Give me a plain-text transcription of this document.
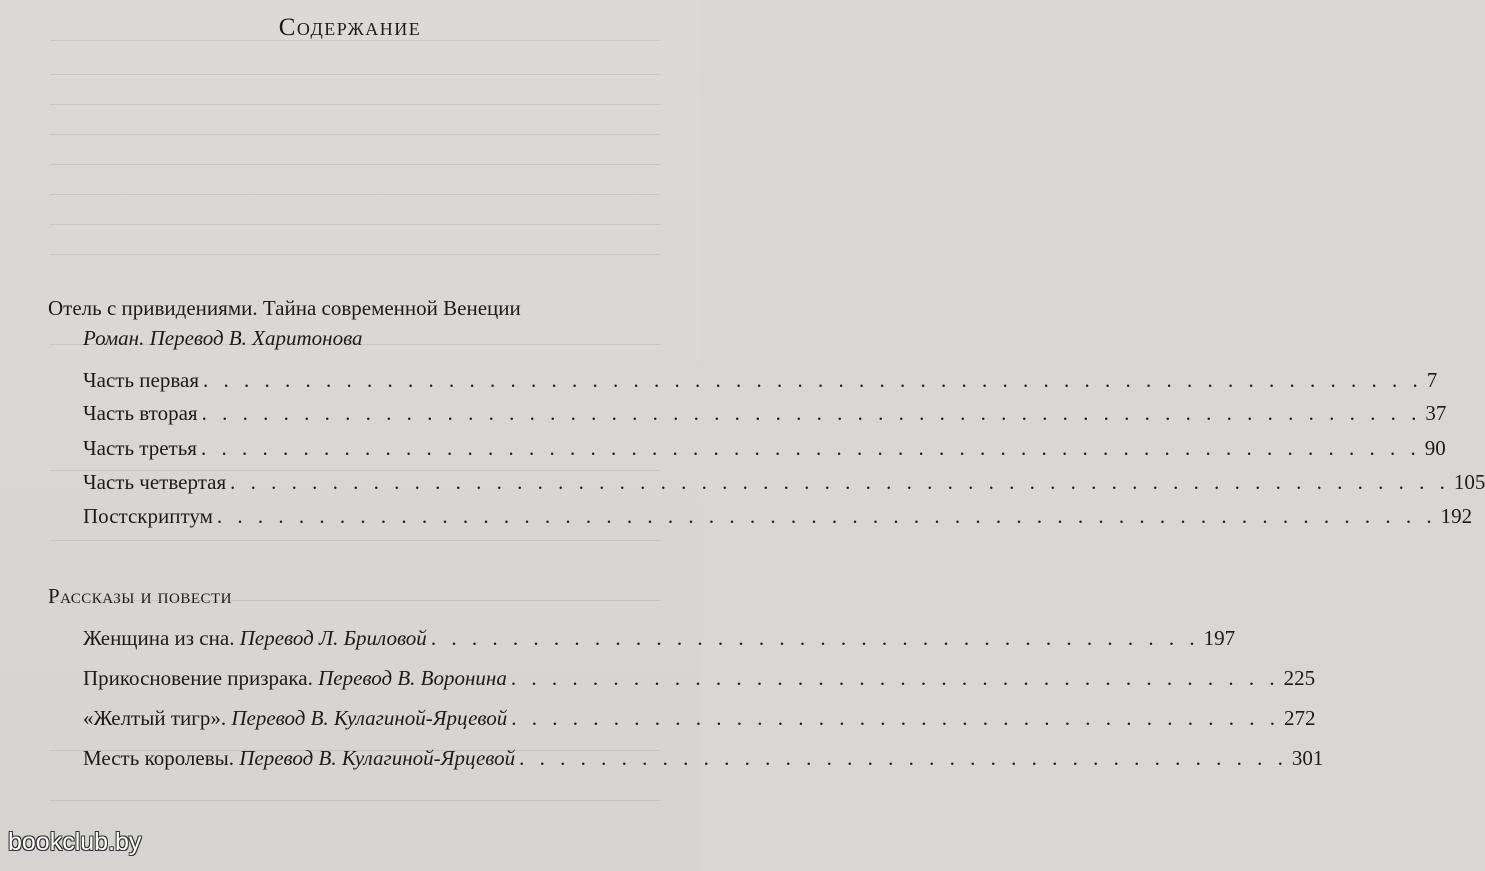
Содержание
Отель с привидениями. Тайна современной Венеции
Роман. Перевод В. Харитонова
Часть первая . . . . . . . . . . . . . . . . . . . . . . . . . . . . . . . . . . . . . . . . . . . . . . . . . . . . . . . . . . . . 7
Часть вторая . . . . . . . . . . . . . . . . . . . . . . . . . . . . . . . . . . . . . . . . . . . . . . . . . . . . . . . . . . . . 37
Часть третья . . . . . . . . . . . . . . . . . . . . . . . . . . . . . . . . . . . . . . . . . . . . . . . . . . . . . . . . . . . . 90
Часть четвертая . . . . . . . . . . . . . . . . . . . . . . . . . . . . . . . . . . . . . . . . . . . . . . . . . . . . . . . . . . . . 105
Постскриптум . . . . . . . . . . . . . . . . . . . . . . . . . . . . . . . . . . . . . . . . . . . . . . . . . . . . . . . . . . . . 192
Рассказы и повести
Женщина из сна. Перевод Л. Бриловой . . . . . . . . . . . . . . . . . . . . . . . . . . . . . . . . . . . . . . 197
Прикосновение призрака. Перевод В. Воронина . . . . . . . . . . . . . . . . . . . . . . . . . . . . . . . . . . . . . . 225
«Желтый тигр». Перевод В. Кулагиной-Ярцевой . . . . . . . . . . . . . . . . . . . . . . . . . . . . . . . . . . . . . . 272
Месть королевы. Перевод В. Кулагиной-Ярцевой . . . . . . . . . . . . . . . . . . . . . . . . . . . . . . . . . . . . . . 301
bookclub.by
